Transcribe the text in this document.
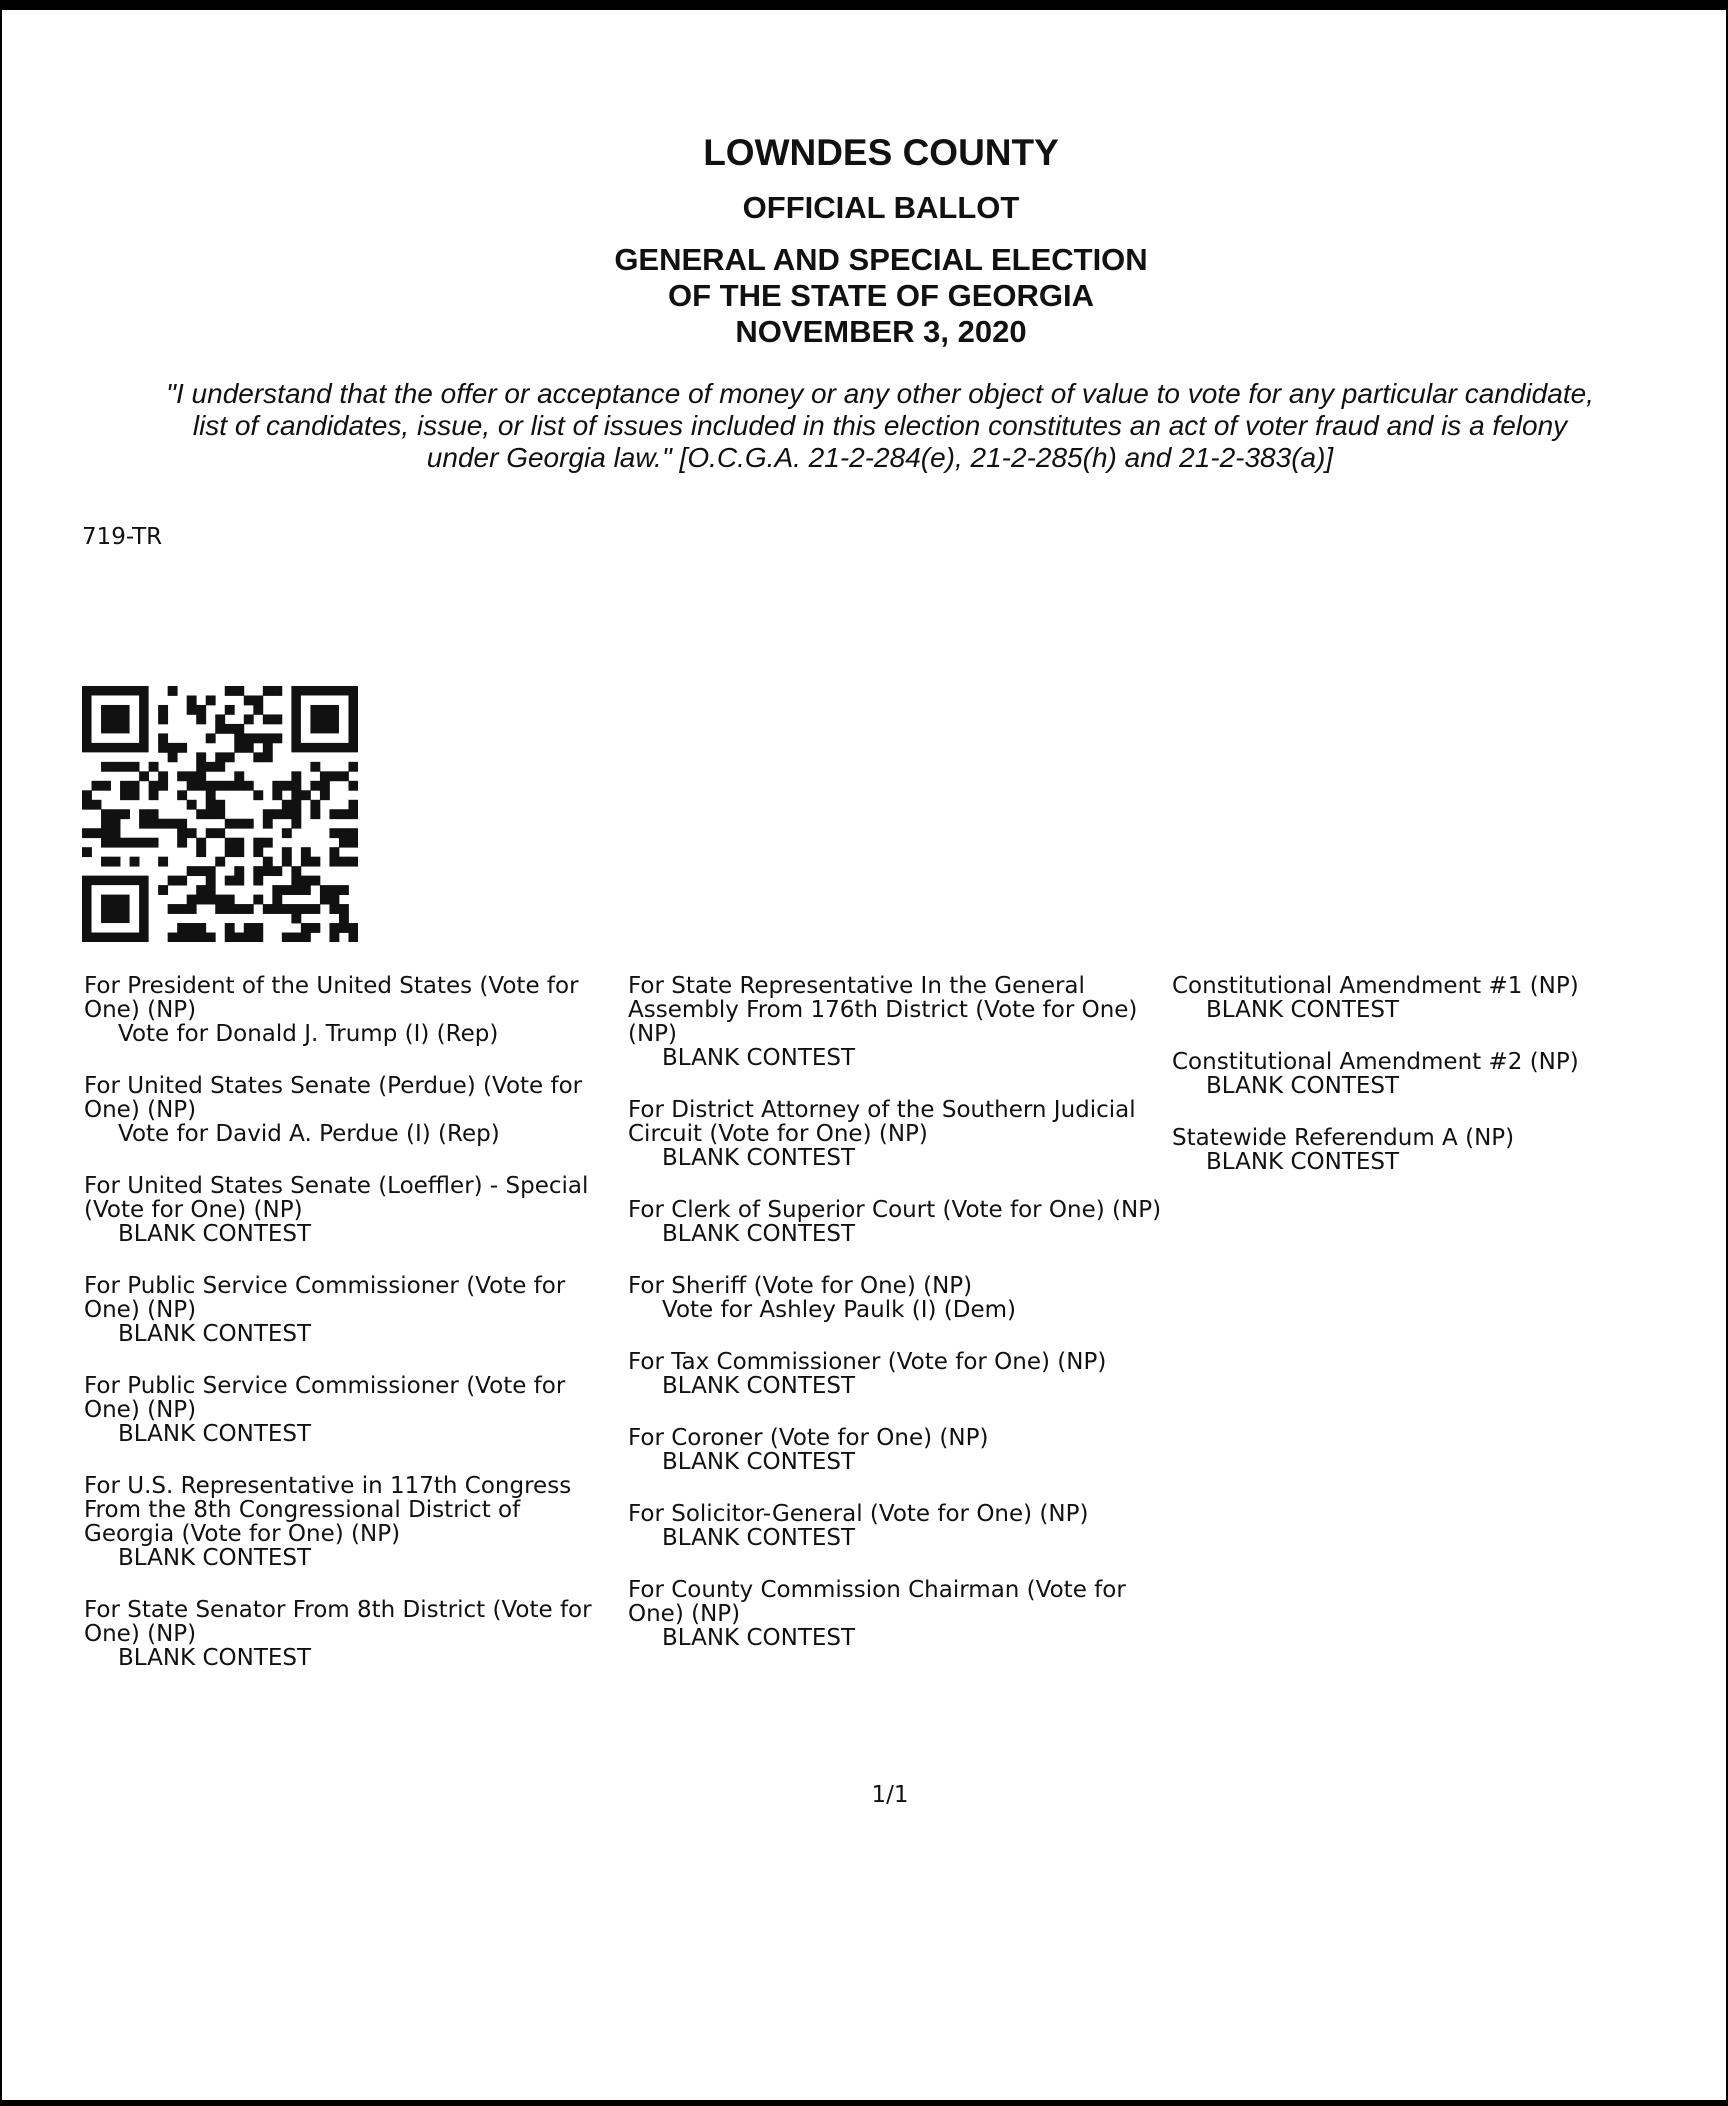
LOWNDES COUNTY
OFFICIAL BALLOT
GENERAL AND SPECIAL ELECTION
OF THE STATE OF GEORGIA
NOVEMBER 3, 2020
"I understand that the offer or acceptance of money or any other object of value to vote for any particular candidate,
list of candidates, issue, or list of issues included in this election constitutes an act of voter fraud and is a felony
under Georgia law." [O.C.G.A. 21-2-284(e), 21-2-285(h) and 21-2-383(a)]
719-TR
For President of the United States (Vote for One) (NP)
Vote for Donald J. Trump (I) (Rep)
For United States Senate (Perdue) (Vote for One) (NP)
Vote for David A. Perdue (I) (Rep)
For United States Senate (Loeffler) - Special (Vote for One) (NP)
BLANK CONTEST
For Public Service Commissioner (Vote for One) (NP)
BLANK CONTEST
For Public Service Commissioner (Vote for One) (NP)
BLANK CONTEST
For U.S. Representative in 117th Congress From the 8th Congressional District of Georgia (Vote for One) (NP)
BLANK CONTEST
For State Senator From 8th District (Vote for One) (NP)
BLANK CONTEST
For State Representative In the General Assembly From 176th District (Vote for One) (NP)
BLANK CONTEST
For District Attorney of the Southern Judicial Circuit (Vote for One) (NP)
BLANK CONTEST
For Clerk of Superior Court (Vote for One) (NP)
BLANK CONTEST
For Sheriff (Vote for One) (NP)
Vote for Ashley Paulk (I) (Dem)
For Tax Commissioner (Vote for One) (NP)
BLANK CONTEST
For Coroner (Vote for One) (NP)
BLANK CONTEST
For Solicitor-General (Vote for One) (NP)
BLANK CONTEST
For County Commission Chairman (Vote for One) (NP)
BLANK CONTEST
Constitutional Amendment #1 (NP)
BLANK CONTEST
Constitutional Amendment #2 (NP)
BLANK CONTEST
Statewide Referendum A (NP)
BLANK CONTEST
1/1
